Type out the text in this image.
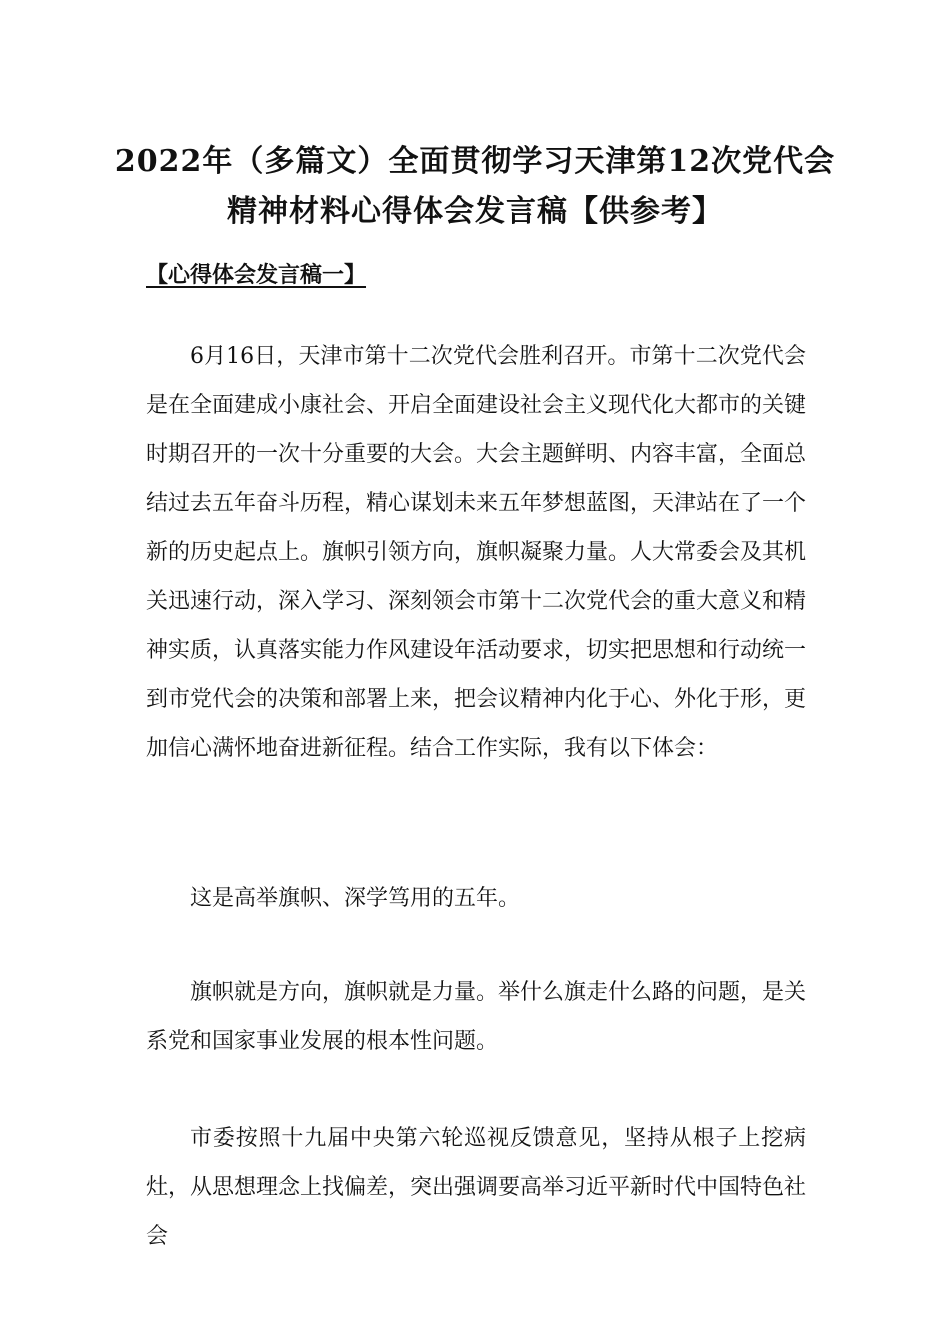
2022年（多篇文）全面贯彻学习天津第12次党代会
精神材料心得体会发言稿【供参考】
【心得体会发言稿一】

6月16日，天津市第十二次党代会胜利召开。市第十二次党代会是在全面建成小康社会、开启全面建设社会主义现代化大都市的关键时期召开的一次十分重要的大会。大会主题鲜明、内容丰富，全面总结过去五年奋斗历程，精心谋划未来五年梦想蓝图，天津站在了一个新的历史起点上。旗帜引领方向，旗帜凝聚力量。人大常委会及其机关迅速行动，深入学习、深刻领会市第十二次党代会的重大意义和精神实质，认真落实能力作风建设年活动要求，切实把思想和行动统一到市党代会的决策和部署上来，把会议精神内化于心、外化于形，更加信心满怀地奋进新征程。结合工作实际，我有以下体会：

这是高举旗帜、深学笃用的五年。

旗帜就是方向，旗帜就是力量。举什么旗走什么路的问题，是关系党和国家事业发展的根本性问题。

市委按照十九届中央第六轮巡视反馈意见，坚持从根子上挖病灶，从思想理念上找偏差，突出强调要高举习近平新时代中国特色社会
